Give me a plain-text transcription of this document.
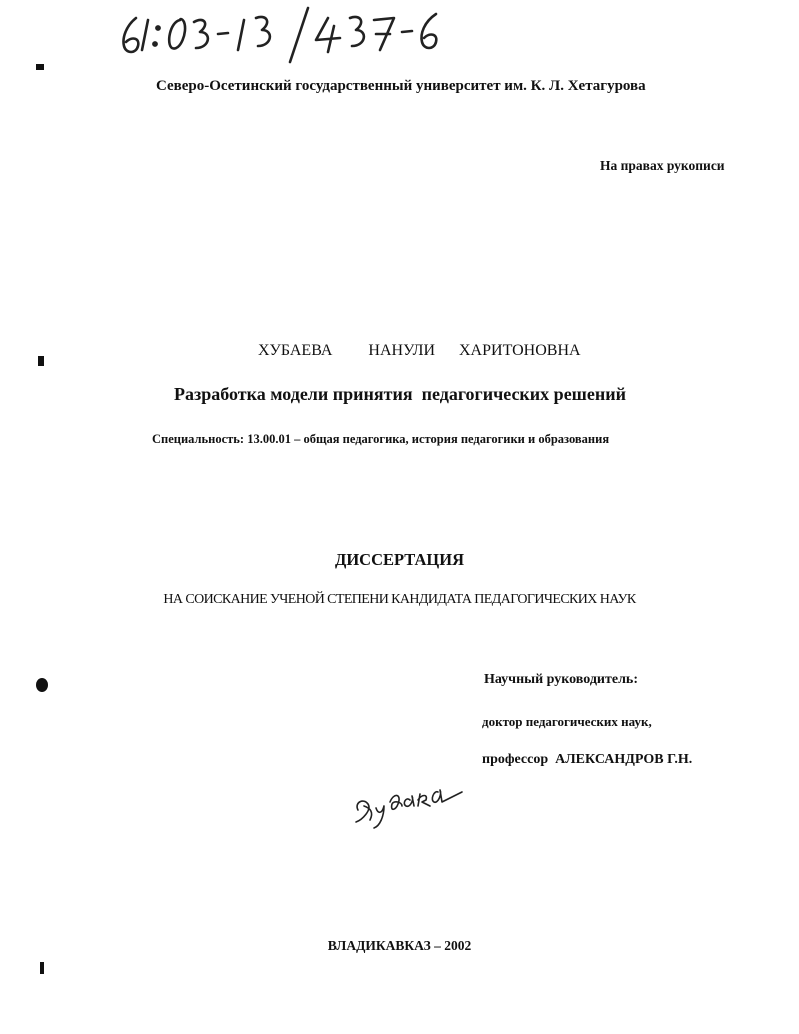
Северо-Осетинский государственный университет им. К. Л. Хетагурова
На правах рукописи
ХУБАЕВА НАНУЛИ ХАРИТОНОВНА
Разработка модели принятия  педагогических решений
Специальность: 13.00.01 – общая педагогика, история педагогики и образования
ДИССЕРТАЦИЯ
НА СОИСКАНИЕ УЧЕНОЙ СТЕПЕНИ КАНДИДАТА ПЕДАГОГИЧЕСКИХ НАУК
Научный руководитель:
доктор педагогических наук,
профессор  АЛЕКСАНДРОВ Г.Н.
ВЛАДИКАВКАЗ – 2002
